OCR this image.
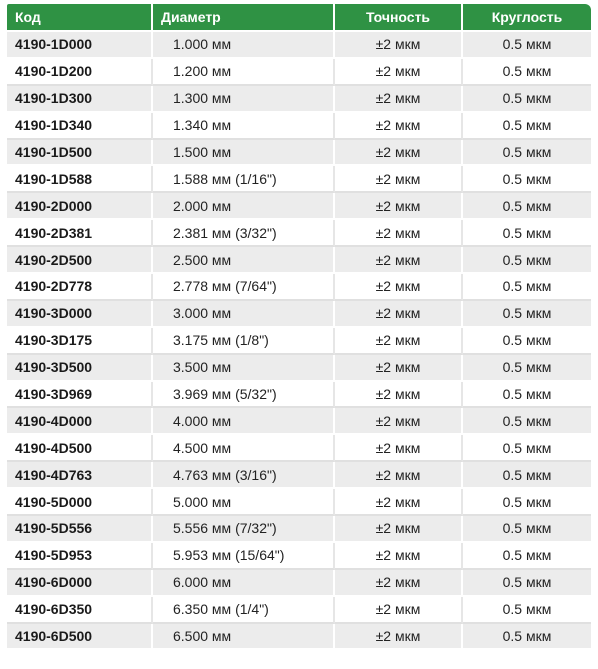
Код	Диаметр	Точность	Круглость
4190-1D000	1.000 мм	±2 мкм	0.5 мкм
4190-1D200	1.200 мм	±2 мкм	0.5 мкм
4190-1D300	1.300 мм	±2 мкм	0.5 мкм
4190-1D340	1.340 мм	±2 мкм	0.5 мкм
4190-1D500	1.500 мм	±2 мкм	0.5 мкм
4190-1D588	1.588 мм (1/16")	±2 мкм	0.5 мкм
4190-2D000	2.000 мм	±2 мкм	0.5 мкм
4190-2D381	2.381 мм (3/32")	±2 мкм	0.5 мкм
4190-2D500	2.500 мм	±2 мкм	0.5 мкм
4190-2D778	2.778 мм (7/64")	±2 мкм	0.5 мкм
4190-3D000	3.000 мм	±2 мкм	0.5 мкм
4190-3D175	3.175 мм (1/8")	±2 мкм	0.5 мкм
4190-3D500	3.500 мм	±2 мкм	0.5 мкм
4190-3D969	3.969 мм (5/32")	±2 мкм	0.5 мкм
4190-4D000	4.000 мм	±2 мкм	0.5 мкм
4190-4D500	4.500 мм	±2 мкм	0.5 мкм
4190-4D763	4.763 мм (3/16")	±2 мкм	0.5 мкм
4190-5D000	5.000 мм	±2 мкм	0.5 мкм
4190-5D556	5.556 мм (7/32")	±2 мкм	0.5 мкм
4190-5D953	5.953 мм (15/64")	±2 мкм	0.5 мкм
4190-6D000	6.000 мм	±2 мкм	0.5 мкм
4190-6D350	6.350 мм (1/4")	±2 мкм	0.5 мкм
4190-6D500	6.500 мм	±2 мкм	0.5 мкм
